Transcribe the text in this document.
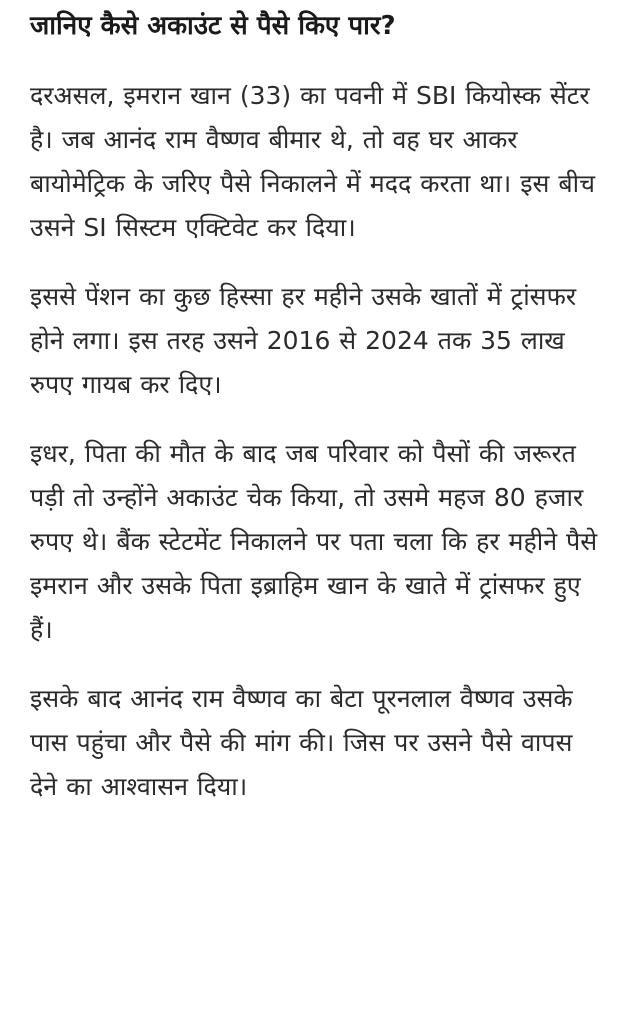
जानिए कैसे अकाउंट से पैसे किए पार?

दरअसल, इमरान खान (33) का पवनी में SBI कियोस्क सेंटर है। जब आनंद राम वैष्णव बीमार थे, तो वह घर आकर बायोमेट्रिक के जरिए पैसे निकालने में मदद करता था। इस बीच उसने SI सिस्टम एक्टिवेट कर दिया।

इससे पेंशन का कुछ हिस्सा हर महीने उसके खातों में ट्रांसफर होने लगा। इस तरह उसने 2016 से 2024 तक 35 लाख रुपए गायब कर दिए।

इधर, पिता की मौत के बाद जब परिवार को पैसों की जरूरत पड़ी तो उन्होंने अकाउंट चेक किया, तो उसमे महज 80 हजार रुपए थे। बैंक स्टेटमेंट निकालने पर पता चला कि हर महीने पैसे इमरान और उसके पिता इब्राहिम खान के खाते में ट्रांसफर हुए हैं।

इसके बाद आनंद राम वैष्णव का बेटा पूरनलाल वैष्णव उसके पास पहुंचा और पैसे की मांग की। जिस पर उसने पैसे वापस देने का आश्वासन दिया।
